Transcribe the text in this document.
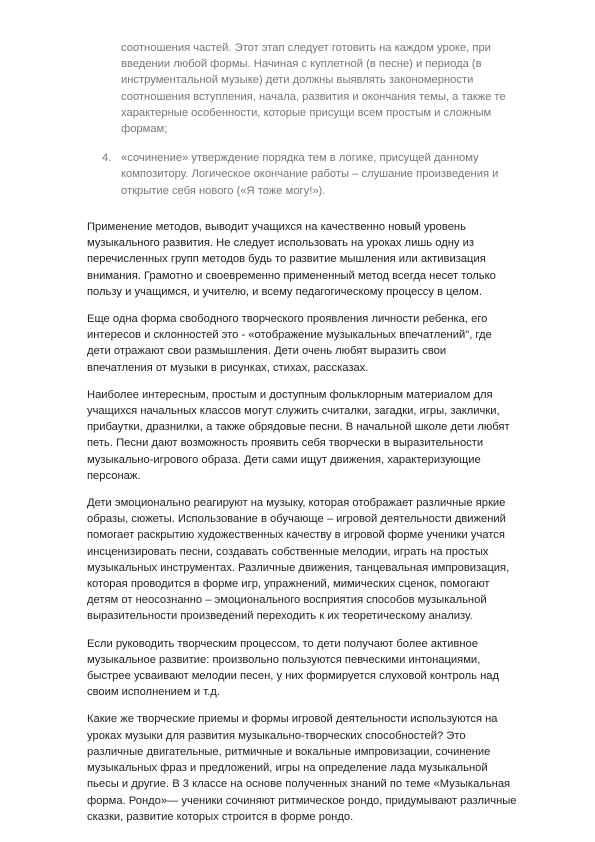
соотношения частей. Этот этап следует готовить на каждом уроке, при
введении любой формы. Начиная с куплетной (в песне) и периода (в
инструментальной музыке) дети должны выявлять закономерности
соотношения вступления, начала, развития и окончания темы, а также те
характерные особенности, которые присущи всем простым и сложным
формам;
4. «сочинение» утверждение порядка тем в логике, присущей данному
композитору. Логическое окончание работы – слушание произведения и
открытие себя нового («Я тоже могу!»).
Применение методов, выводит учащихся на качественно новый уровень
музыкального развития. Не следует использовать на уроках лишь одну из
перечисленных групп методов будь то развитие мышления или активизация
внимания. Грамотно и своевременно примененный метод всегда несет только
пользу и учащимся, и учителю, и всему педагогическому процессу в целом.
Еще одна форма свободного творческого проявления личности ребенка, его
интересов и склонностей это - «отображение музыкальных впечатлений", где
дети отражают свои размышления. Дети очень любят выразить свои
впечатления от музыки в рисунках, стихах, рассказах.
Наиболее интересным, простым и доступным фольклорным материалом для
учащихся начальных классов могут служить считалки, загадки, игры, заклички,
прибаутки, дразнилки, а также обрядовые песни. В начальной школе дети любят
петь. Песни дают возможность проявить себя творчески в выразительности
музыкально-игрового образа. Дети сами ищут движения, характеризующие
персонаж.
Дети эмоционально реагируют на музыку, которая отображает различные яркие
образы, сюжеты. Использование в обучающе – игровой деятельности движений
помогает раскрытию художественных качеству в игровой форме ученики учатся
инсценизировать песни, создавать собственные мелодии, играть на простых
музыкальных инструментах. Различные движения, танцевальная импровизация,
которая проводится в форме игр, упражнений, мимических сценок, помогают
детям от неосознанно – эмоционального восприятия способов музыкальной
выразительности произведений переходить к их теоретическому анализу.
Если руководить творческим процессом, то дети получают более активное
музыкальное развитие: произвольно пользуются певческими интонациями,
быстрее усваивают мелодии песен, у них формируется слуховой контроль над
своим исполнением и т.д.
Какие же творческие приемы и формы игровой деятельности используются на
уроках музыки для развития музыкально-творческих способностей? Это
различные двигательные, ритмичные и вокальные импровизации, сочинение
музыкальных фраз и предложений, игры на определение лада музыкальной
пьесы и другие. В 3 классе на основе полученных знаний по теме «Музыкальная
форма. Рондо»— ученики сочиняют ритмическое рондо, придумывают различные
сказки, развитие которых строится в форме рондо.
